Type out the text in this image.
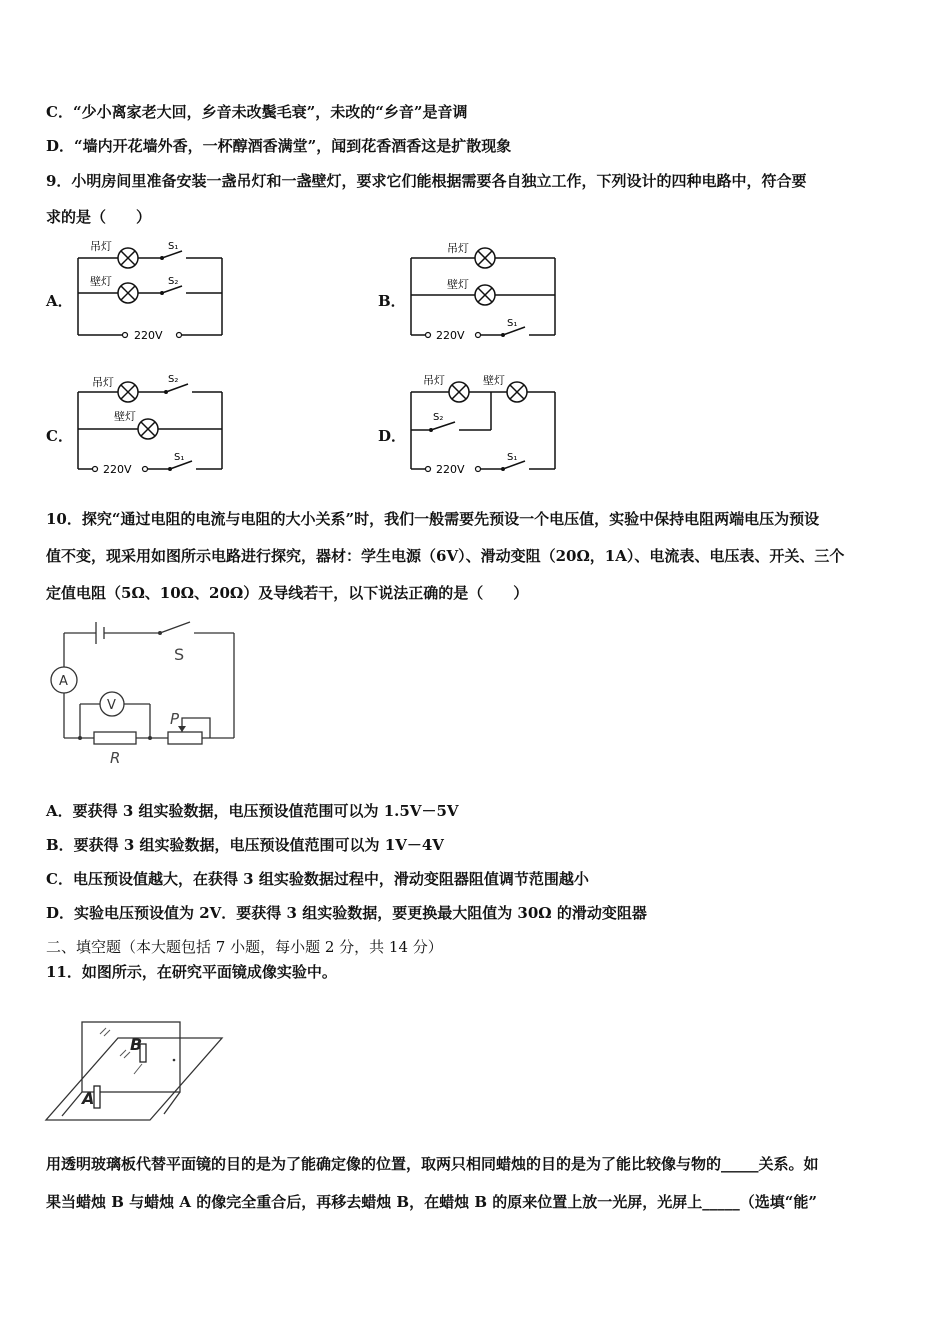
C．“少小离家老大回，乡音未改鬓毛衰”，未改的“乡音”是音调
D．“墙内开花墙外香，一杯醇酒香满堂”，闻到花香酒香这是扩散现象
9．小明房间里准备安装一盏吊灯和一盏壁灯，要求它们能根据需要各自独立工作，下列设计的四种电路中，符合要
求的是（　　）
A．	B．
C．	D．
吊灯
壁灯
S₁
S₂
220V
吊灯
壁灯
S₁
220V
吊灯
壁灯
S₂
S₁
220V
吊灯	壁灯
S₂
S₁
220V
10．探究“通过电阻的电流与电阻的大小关系”时，我们一般需要先预设一个电压值，实验中保持电阻两端电压为预设
值不变，现采用如图所示电路进行探究，器材：学生电源（6V）、滑动变阻（20Ω，1A）、电流表、电压表、开关、三个
定值电阻（5Ω、10Ω、20Ω）及导线若干，以下说法正确的是（　　）
A
V
S
P
R
A．要获得 3 组实验数据，电压预设值范围可以为 1.5V－5V
B．要获得 3 组实验数据，电压预设值范围可以为 1V－4V
C．电压预设值越大，在获得 3 组实验数据过程中，滑动变阻器阻值调节范围越小
D．实验电压预设值为 2V．要获得 3 组实验数据，要更换最大阻值为 30Ω 的滑动变阻器
二、填空题（本大题包括 7 小题，每小题 2 分，共 14 分）
11．如图所示，在研究平面镜成像实验中。
B
A
用透明玻璃板代替平面镜的目的是为了能确定像的位置，取两只相同蜡烛的目的是为了能比较像与物的_____关系。如
果当蜡烛 B 与蜡烛 A 的像完全重合后，再移去蜡烛 B，在蜡烛 B 的原来位置上放一光屏，光屏上_____（选填“能”
